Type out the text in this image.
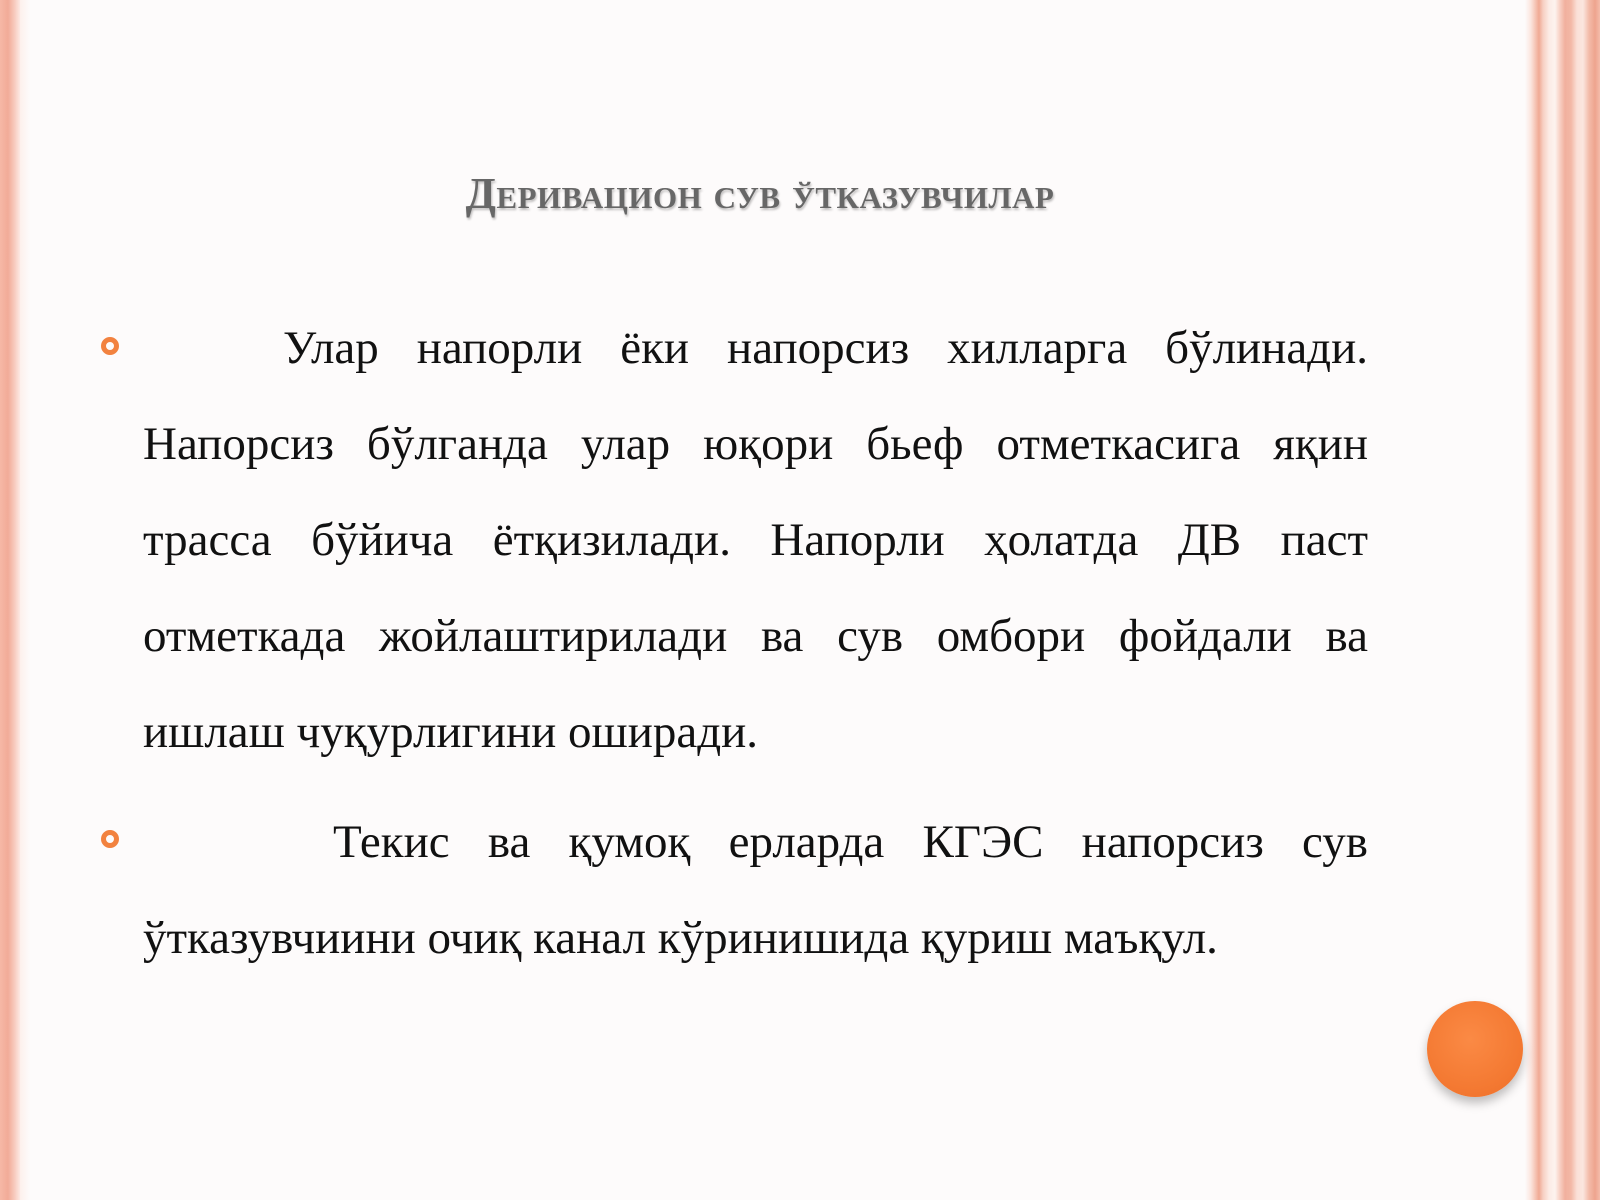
Деривацион сув ўтказувчилар

Улар напорли ёки напорсиз хилларга бўлинади. Напорсиз бўлганда улар юқори бьеф отметкасига яқин трасса бўйича ётқизилади. Напорли ҳолатда ДВ паст отметкада жойлаштирилади ва сув омбори фойдали ва ишлаш чуқурлигини оширади.

Текис ва қумоқ ерларда КГЭС напорсиз сув ўтказувчиини очиқ канал кўринишида қуриш маъқул.
